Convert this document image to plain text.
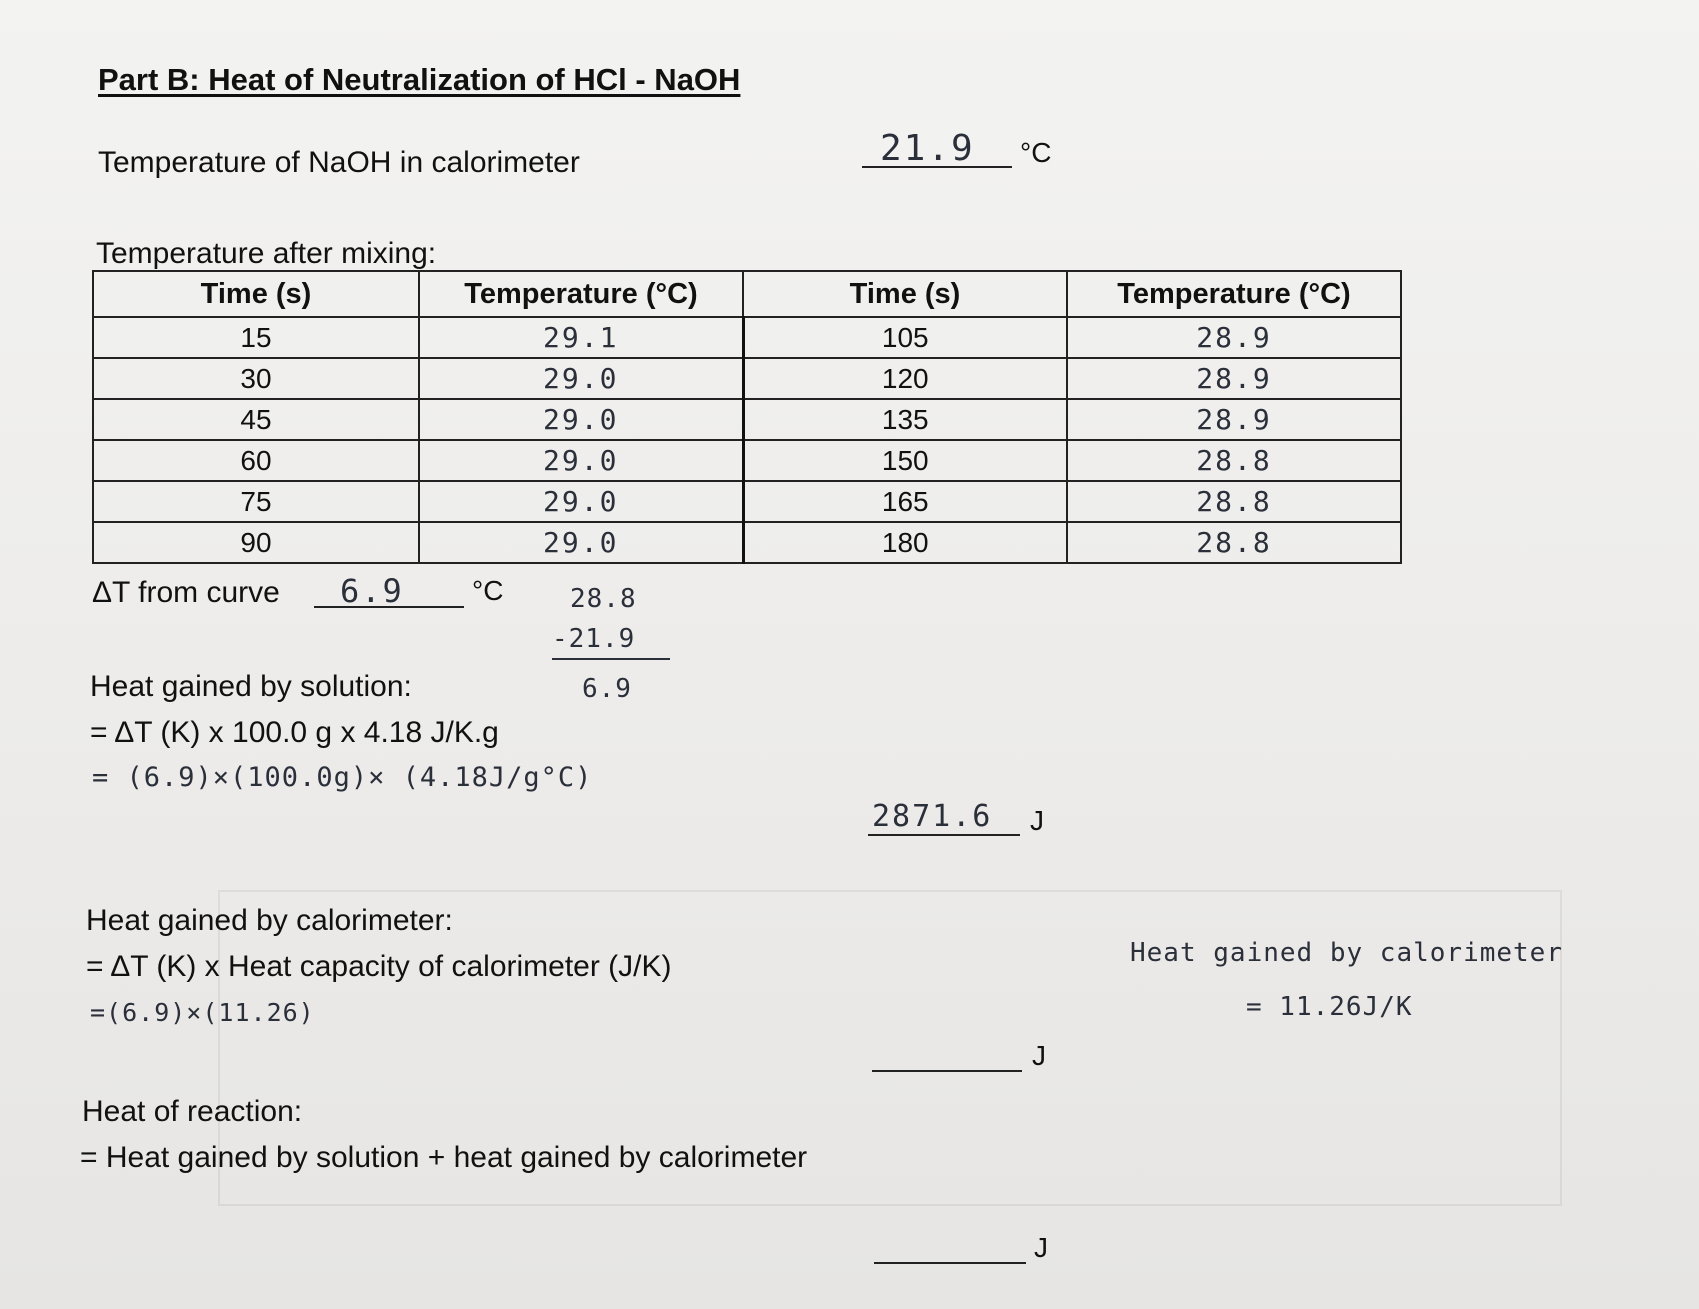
Part B: Heat of Neutralization of HCl - NaOH
Temperature of NaOH in calorimeter	21.9 °C
Temperature after mixing:
Time (s)	Temperature (°C)	Time (s)	Temperature (°C)
15	29.1	105	28.9
30	29.0	120	28.9
45	29.0	135	28.9
60	29.0	150	28.8
75	29.0	165	28.8
90	29.0	180	28.8
ΔT from curve 6.9 °C	28.8
-21.9
6.9
Heat gained by solution:
= ΔT (K) x 100.0 g x 4.18 J/K.g
= (6.9)×(100.0g)× (4.18J/g°C)
2871.6 J
Heat gained by calorimeter:
= ΔT (K) x Heat capacity of calorimeter (J/K)
=(6.9)×(11.26)
Heat gained by calorimeter
= 11.26J/K
J
Heat of reaction:
= Heat gained by solution + heat gained by calorimeter
J
